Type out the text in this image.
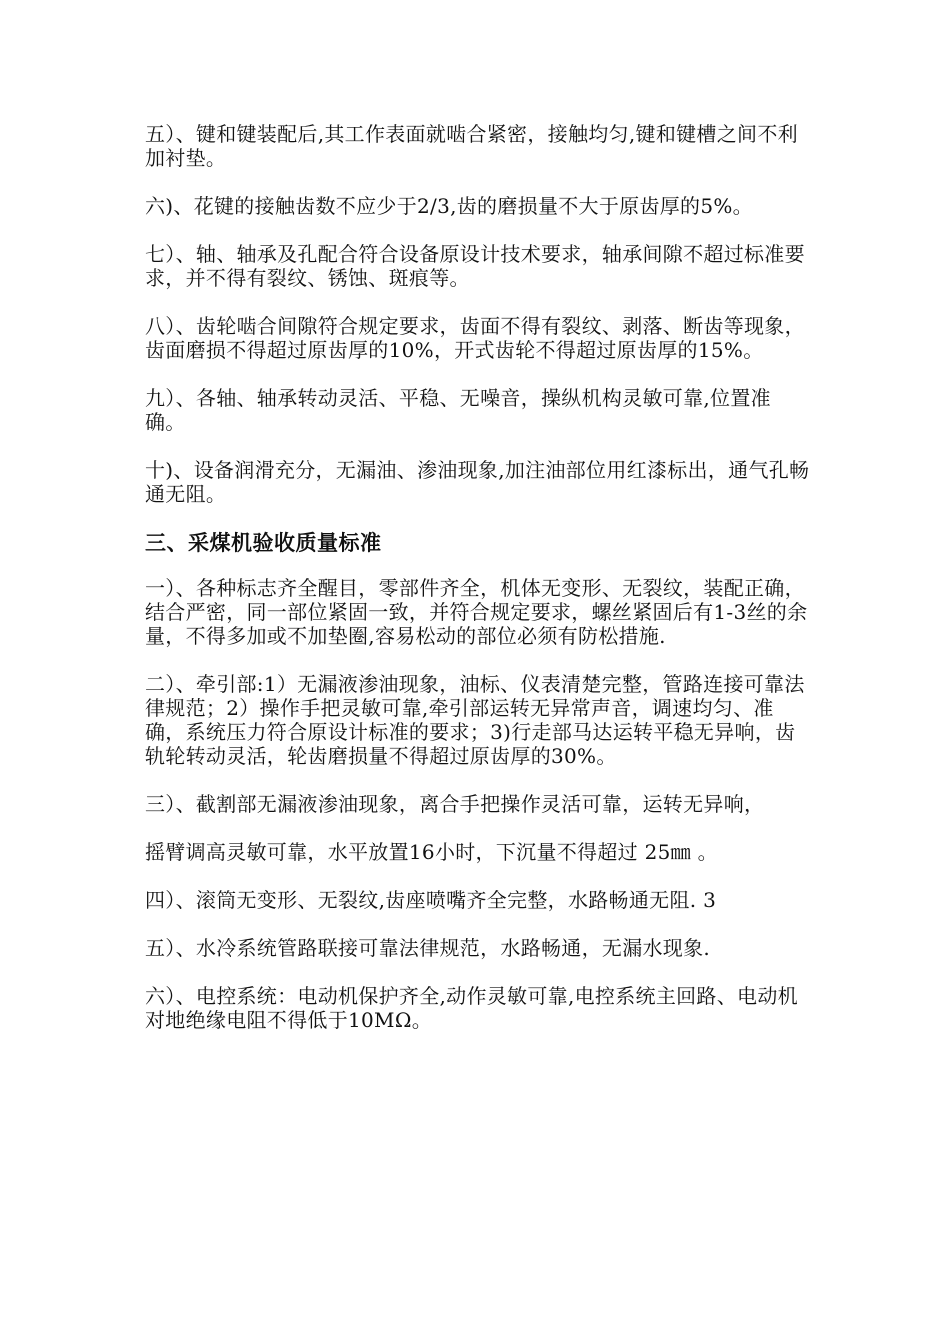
五）、键和键装配后,其工作表面就啮合紧密，接触均匀,键和键槽之间不利加衬垫。

六)、花键的接触齿数不应少于2/3,齿的磨损量不大于原齿厚的5%。

七）、轴、轴承及孔配合符合设备原设计技术要求，轴承间隙不超过标准要求，并不得有裂纹、锈蚀、斑痕等。

八）、齿轮啮合间隙符合规定要求，齿面不得有裂纹、剥落、断齿等现象，齿面磨损不得超过原齿厚的10%，开式齿轮不得超过原齿厚的15%。

九）、各轴、轴承转动灵活、平稳、无噪音，操纵机构灵敏可靠,位置准确。

十)、设备润滑充分，无漏油、渗油现象,加注油部位用红漆标出，通气孔畅通无阻。

三、采煤机验收质量标准

一）、各种标志齐全醒目，零部件齐全，机体无变形、无裂纹，装配正确，结合严密，同一部位紧固一致，并符合规定要求，螺丝紧固后有1-3丝的余量，不得多加或不加垫圈,容易松动的部位必须有防松措施.

二）、牵引部:1）无漏液渗油现象，油标、仪表清楚完整，管路连接可靠法律规范；2）操作手把灵敏可靠,牵引部运转无异常声音，调速均匀、准确，系统压力符合原设计标准的要求；3)行走部马达运转平稳无异响，齿轨轮转动灵活，轮齿磨损量不得超过原齿厚的30%。

三）、截割部无漏液渗油现象，离合手把操作灵活可靠，运转无异响，

摇臂调高灵敏可靠，水平放置16小时，下沉量不得超过 25㎜ 。

四）、滚筒无变形、无裂纹,齿座喷嘴齐全完整，水路畅通无阻. 3

五）、水冷系统管路联接可靠法律规范，水路畅通，无漏水现象.

六）、电控系统：电动机保护齐全,动作灵敏可靠,电控系统主回路、电动机对地绝缘电阻不得低于10MΩ。
